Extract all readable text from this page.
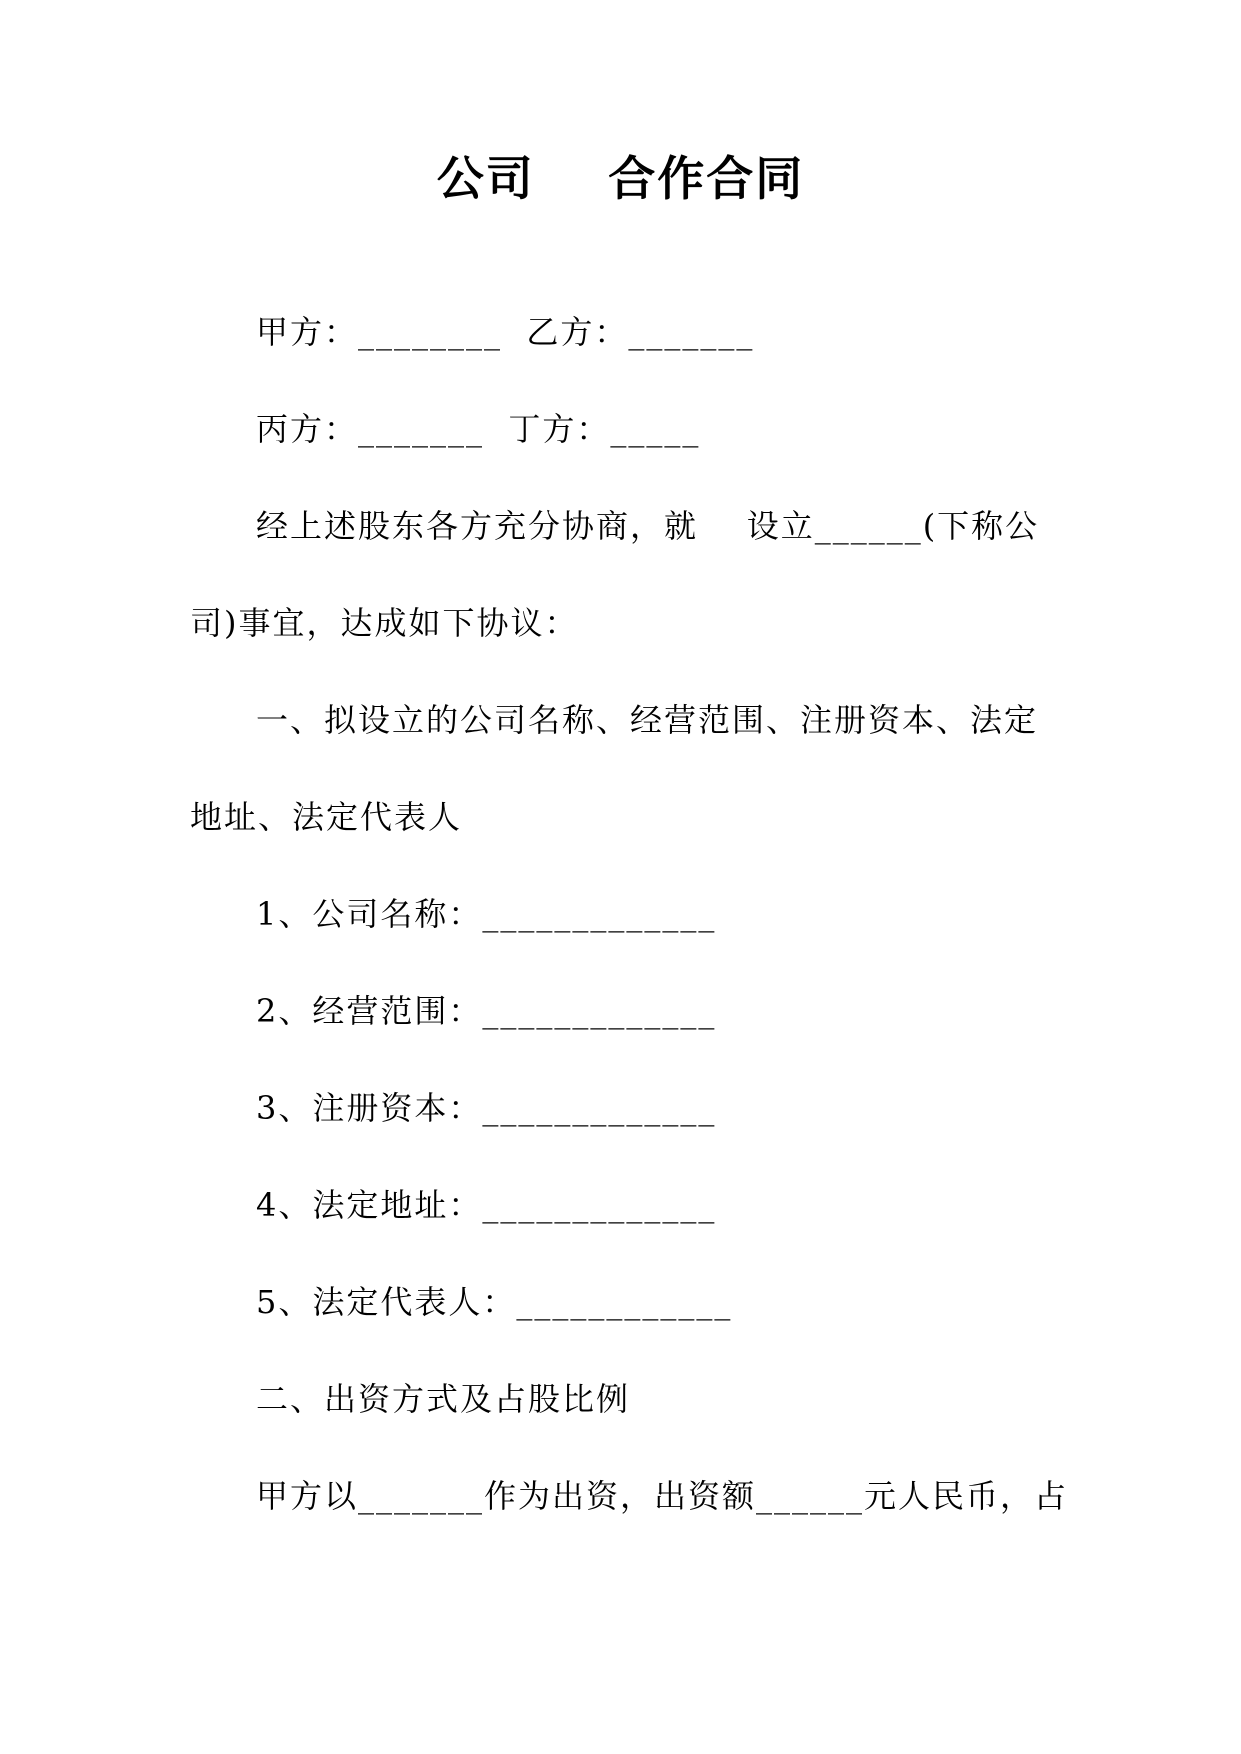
公司    合作合同
甲方：________  乙方：_______
丙方：_______  丁方：_____
经上述股东各方充分协商，就    设立______(下称公
司)事宜，达成如下协议：
一、拟设立的公司名称、经营范围、注册资本、法定
地址、法定代表人
1、公司名称：_____________
2、经营范围：_____________
3、注册资本：_____________
4、法定地址：_____________
5、法定代表人：____________
二、出资方式及占股比例
甲方以_______作为出资，出资额______元人民币，占
